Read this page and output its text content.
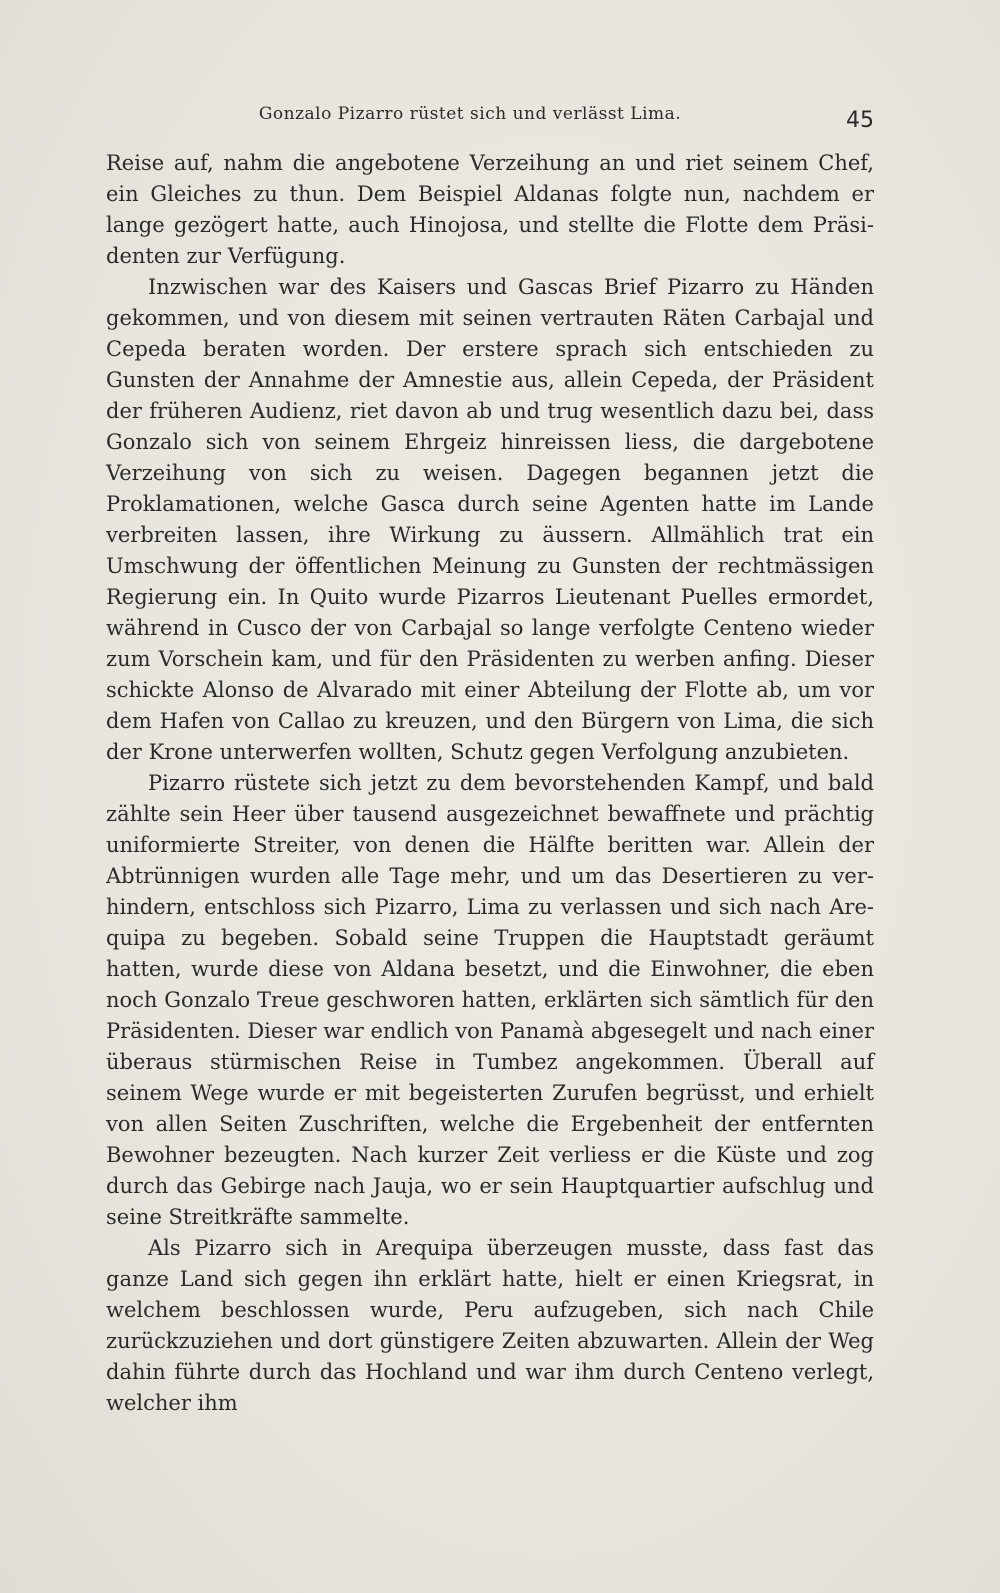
Gonzalo Pizarro rüstet sich und verlässt Lima.	45

Reise auf, nahm die angebotene Verzeihung an und riet seinem Chef, ein Gleiches zu thun. Dem Beispiel Aldanas folgte nun, nachdem er lange gezögert hatte, auch Hinojosa, und stellte die Flotte dem Präsidenten zur Verfügung.

Inzwischen war des Kaisers und Gascas Brief Pizarro zu Händen gekommen, und von diesem mit seinen vertrauten Räten Carbajal und Cepeda beraten worden. Der erstere sprach sich entschieden zu Gunsten der Annahme der Amnestie aus, allein Cepeda, der Präsident der früheren Audienz, riet davon ab und trug wesentlich dazu bei, dass Gonzalo sich von seinem Ehrgeiz hinreissen liess, die dargebotene Verzeihung von sich zu weisen. Dagegen begannen jetzt die Proklamationen, welche Gasca durch seine Agenten hatte im Lande verbreiten lassen, ihre Wirkung zu äussern. Allmählich trat ein Umschwung der öffentlichen Meinung zu Gunsten der rechtmässigen Regierung ein. In Quito wurde Pizarros Lieutenant Puelles ermordet, während in Cusco der von Carbajal so lange verfolgte Centeno wieder zum Vorschein kam, und für den Präsidenten zu werben anfing. Dieser schickte Alonso de Alvarado mit einer Abteilung der Flotte ab, um vor dem Hafen von Callao zu kreuzen, und den Bürgern von Lima, die sich der Krone unterwerfen wollten, Schutz gegen Verfolgung anzubieten.

Pizarro rüstete sich jetzt zu dem bevorstehenden Kampf, und bald zählte sein Heer über tausend ausgezeichnet bewaffnete und prächtig uniformierte Streiter, von denen die Hälfte beritten war. Allein der Abtrünnigen wurden alle Tage mehr, und um das Desertieren zu verhindern, entschloss sich Pizarro, Lima zu verlassen und sich nach Arequipa zu begeben. Sobald seine Truppen die Hauptstadt geräumt hatten, wurde diese von Aldana besetzt, und die Einwohner, die eben noch Gonzalo Treue geschworen hatten, erklärten sich sämtlich für den Präsidenten. Dieser war endlich von Panamà abgesegelt und nach einer überaus stürmischen Reise in Tumbez angekommen. Überall auf seinem Wege wurde er mit begeisterten Zurufen begrüsst, und erhielt von allen Seiten Zuschriften, welche die Ergebenheit der entfernten Bewohner bezeugten. Nach kurzer Zeit verliess er die Küste und zog durch das Gebirge nach Jauja, wo er sein Hauptquartier aufschlug und seine Streitkräfte sammelte.

Als Pizarro sich in Arequipa überzeugen musste, dass fast das ganze Land sich gegen ihn erklärt hatte, hielt er einen Kriegsrat, in welchem beschlossen wurde, Peru aufzugeben, sich nach Chile zurückzuziehen und dort günstigere Zeiten abzuwarten. Allein der Weg dahin führte durch das Hochland und war ihm durch Centeno verlegt, welcher ihm
